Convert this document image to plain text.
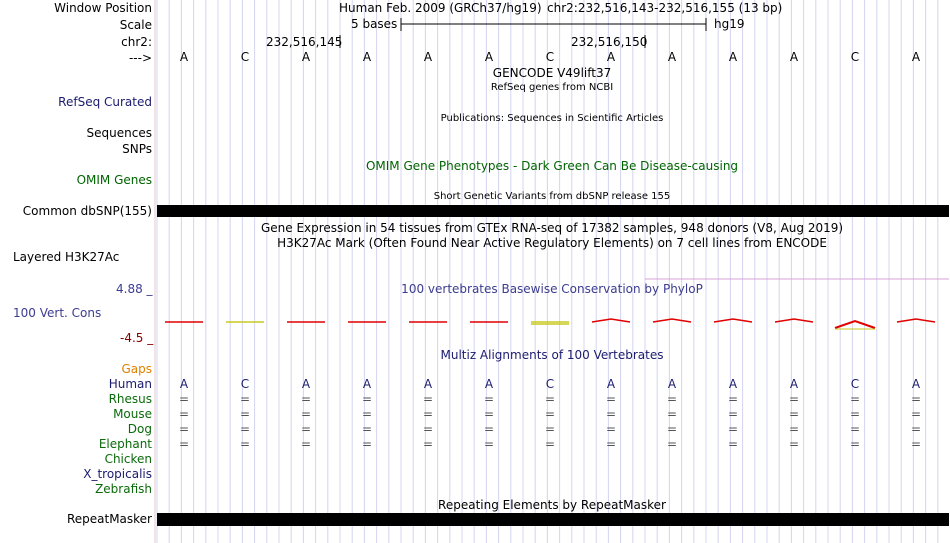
Window Position	Human Feb. 2009 (GRCh37/hg19) chr2:232,516,143-232,516,155 (13 bp)
Scale	5 bases	hg19
chr2:	232,516,145	232,516,150
--->	A	C	A	A	A	A	C	A	A	A	A	C	A
GENCODE V49lift37
RefSeq genes from NCBI
RefSeq Curated
Sequences
Publications: Sequences in Scientific Articles
SNPs
OMIM Gene Phenotypes - Dark Green Can Be Disease-causing
OMIM Genes
Short Genetic Variants from dbSNP release 155
Common dbSNP(155)
Gene Expression in 54 tissues from GTEx RNA-seq of 17382 samples, 948 donors (V8, Aug 2019)
H3K27Ac Mark (Often Found Near Active Regulatory Elements) on 7 cell lines from ENCODE
Layered H3K27Ac
4.88 _	100 vertebrates Basewise Conservation by PhyloP
100 Vert. Cons
-4.5 _
Multiz Alignments of 100 Vertebrates
Gaps
Human	A	C	A	A	A	A	C	A	A	A	A	C	A
Rhesus	=	=	=	=	=	=	=	=	=	=	=	=	=
Mouse	=	=	=	=	=	=	=	=	=	=	=	=	=
Dog	=	=	=	=	=	=	=	=	=	=	=	=	=
Elephant	=	=	=	=	=	=	=	=	=	=	=	=	=
Chicken
X_tropicalis
Zebrafish
Repeating Elements by RepeatMasker
RepeatMasker
